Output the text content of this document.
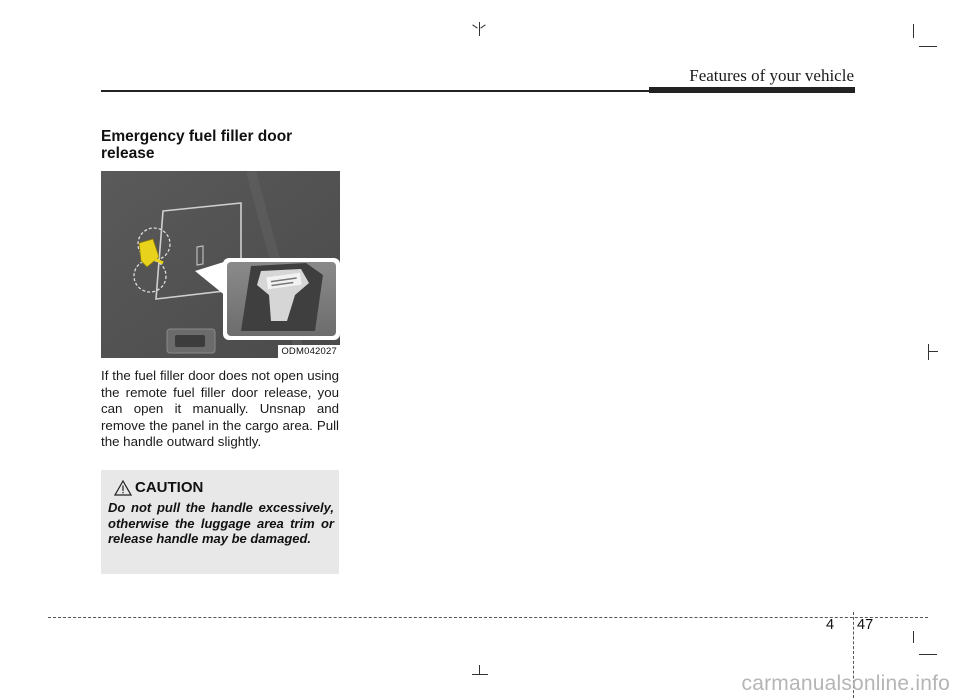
Features of your vehicle
Emergency fuel filler door release
ODM042027
If the fuel filler door does not open using the remote fuel filler door release, you can open it manually. Unsnap and remove the panel in the cargo area. Pull the handle outward slightly.
CAUTION
Do not pull the handle excessively, otherwise the luggage area trim or release handle may be damaged.
4 47
carmanualsonline.info
